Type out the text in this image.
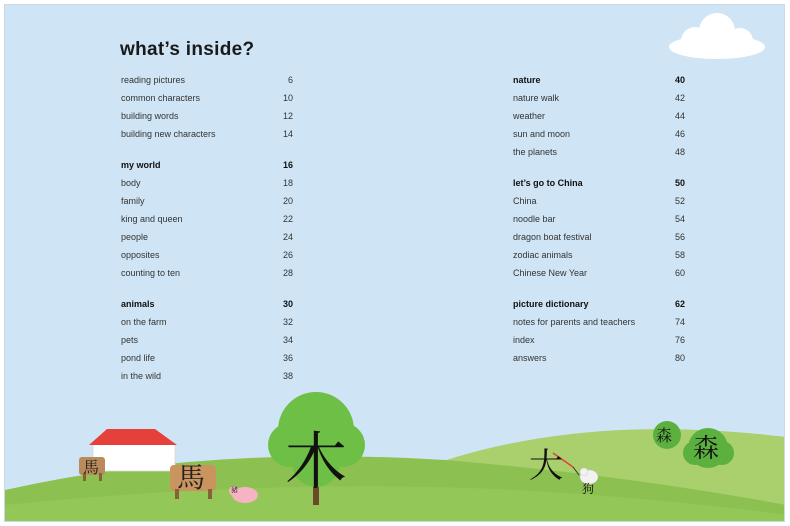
馬	馬	豬 木	大
狗
森 森
what’s inside?
reading pictures	6
common characters	10
building words	12
building new characters	14
my world	16
body	18
family	20
king and queen	22
people	24
opposites	26
counting to ten	28
animals	30
on the farm	32
pets	34
pond life	36
in the wild	38
nature	40
nature walk	42
weather	44
sun and moon	46
the planets	48
let’s go to China	50
China	52
noodle bar	54
dragon boat festival	56
zodiac animals	58
Chinese New Year	60
picture dictionary	62
notes for parents and teachers	74
index	76
answers	80
